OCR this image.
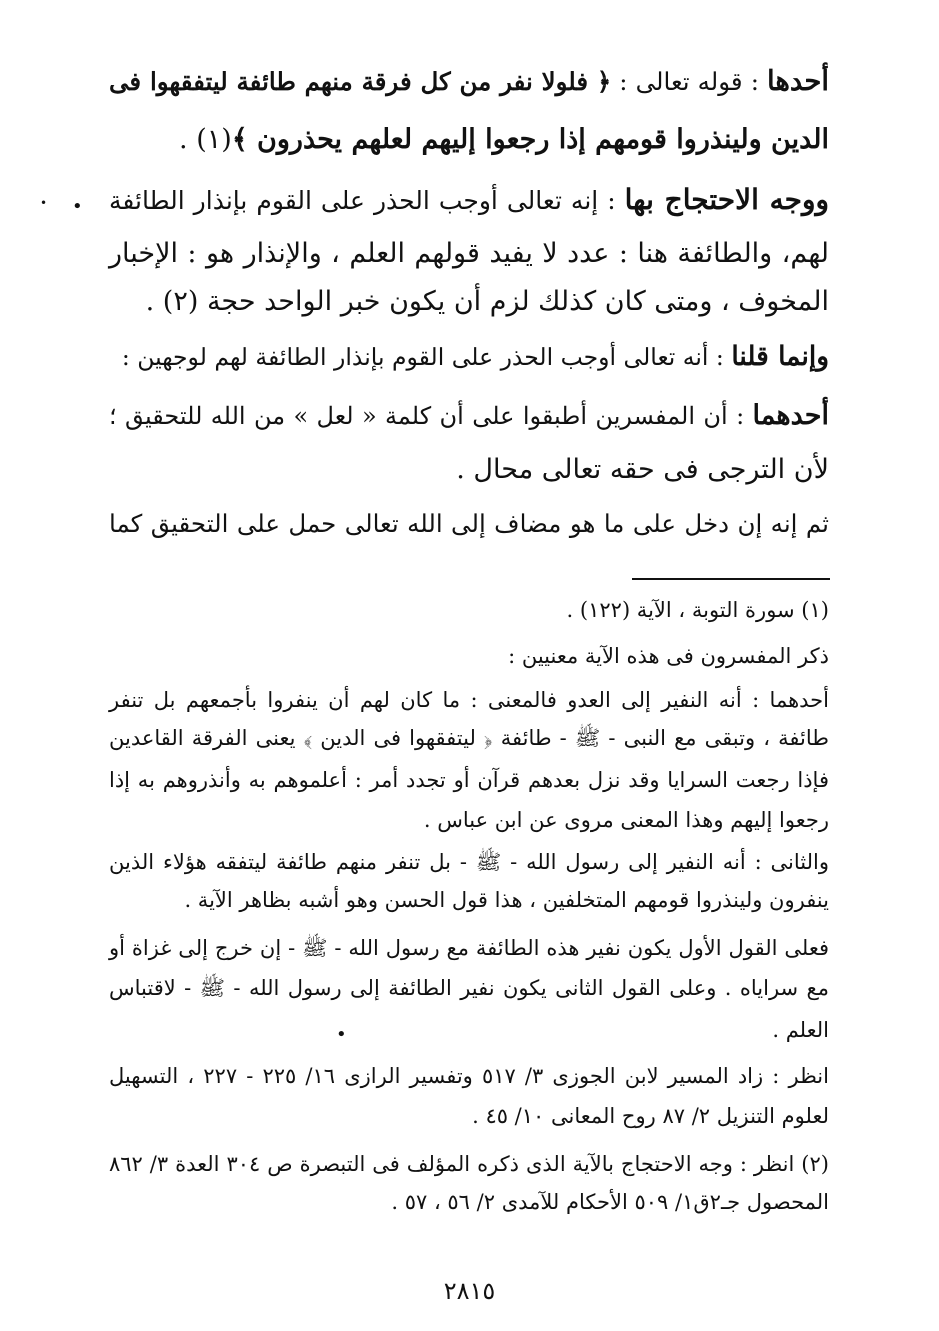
أحدها : قوله تعالى : ﴿ فلولا نفر من كل فرقة منهم طائفة ليتفقهوا فى
الدين ولينذروا قومهم إذا رجعوا إليهم لعلهم يحذرون ﴾(١) .
ووجه الاحتجاج بها : إنه تعالى أوجب الحذر على القوم بإنذار الطائفة
لهم، والطائفة هنا : عدد لا يفيد قولهم العلم ، والإنذار هو : الإخبار
المخوف ، ومتى كان كذلك لزم أن يكون خبر الواحد حجة (٢) .
وإنما قلنا : أنه تعالى أوجب الحذر على القوم بإنذار الطائفة لهم لوجهين :
أحدهما : أن المفسرين أطبقوا على أن كلمة « لعل » من الله للتحقيق ؛
لأن الترجى فى حقه تعالى محال .
ثم إنه إن دخل على ما هو مضاف إلى الله تعالى حمل على التحقيق كما
•
•
(١) سورة التوبة ، الآية (١٢٢) .
ذكر المفسرون فى هذه الآية معنيين :
أحدهما : أنه النفير إلى العدو فالمعنى : ما كان لهم أن ينفروا بأجمعهم بل تنفر
طائفة ، وتبقى مع النبى - ﷺ - طائفة ﴿ ليتفقهوا فى الدين ﴾ يعنى الفرقة القاعدين
فإذا رجعت السرايا وقد نزل بعدهم قرآن أو تجدد أمر : أعلموهم به وأنذروهم به إذا
رجعوا إليهم وهذا المعنى مروى عن ابن عباس .
والثانى : أنه النفير إلى رسول الله - ﷺ - بل تنفر منهم طائفة ليتفقه هؤلاء الذين
ينفرون ولينذروا قومهم المتخلفين ، هذا قول الحسن وهو أشبه بظاهر الآية .
فعلى القول الأول يكون نفير هذه الطائفة مع رسول الله - ﷺ - إن خرج إلى غزاة أو
مع سراياه . وعلى القول الثانى يكون نفير الطائفة إلى رسول الله - ﷺ - لاقتباس
العلم .
انظر : زاد المسير لابن الجوزى ٣/ ٥١٧ وتفسير الرازى ١٦/ ٢٢٥ - ٢٢٧ ، التسهيل
لعلوم التنزيل ٢/ ٨٧ روح المعانى ١٠/ ٤٥ .
(٢) انظر : وجه الاحتجاج بالآية الذى ذكره المؤلف فى التبصرة ص ٣٠٤ العدة ٣/ ٨٦٢
المحصول جـ٢ق١/ ٥٠٩ الأحكام للآمدى ٢/ ٥٦ ، ٥٧ .
•
٢٨١٥
